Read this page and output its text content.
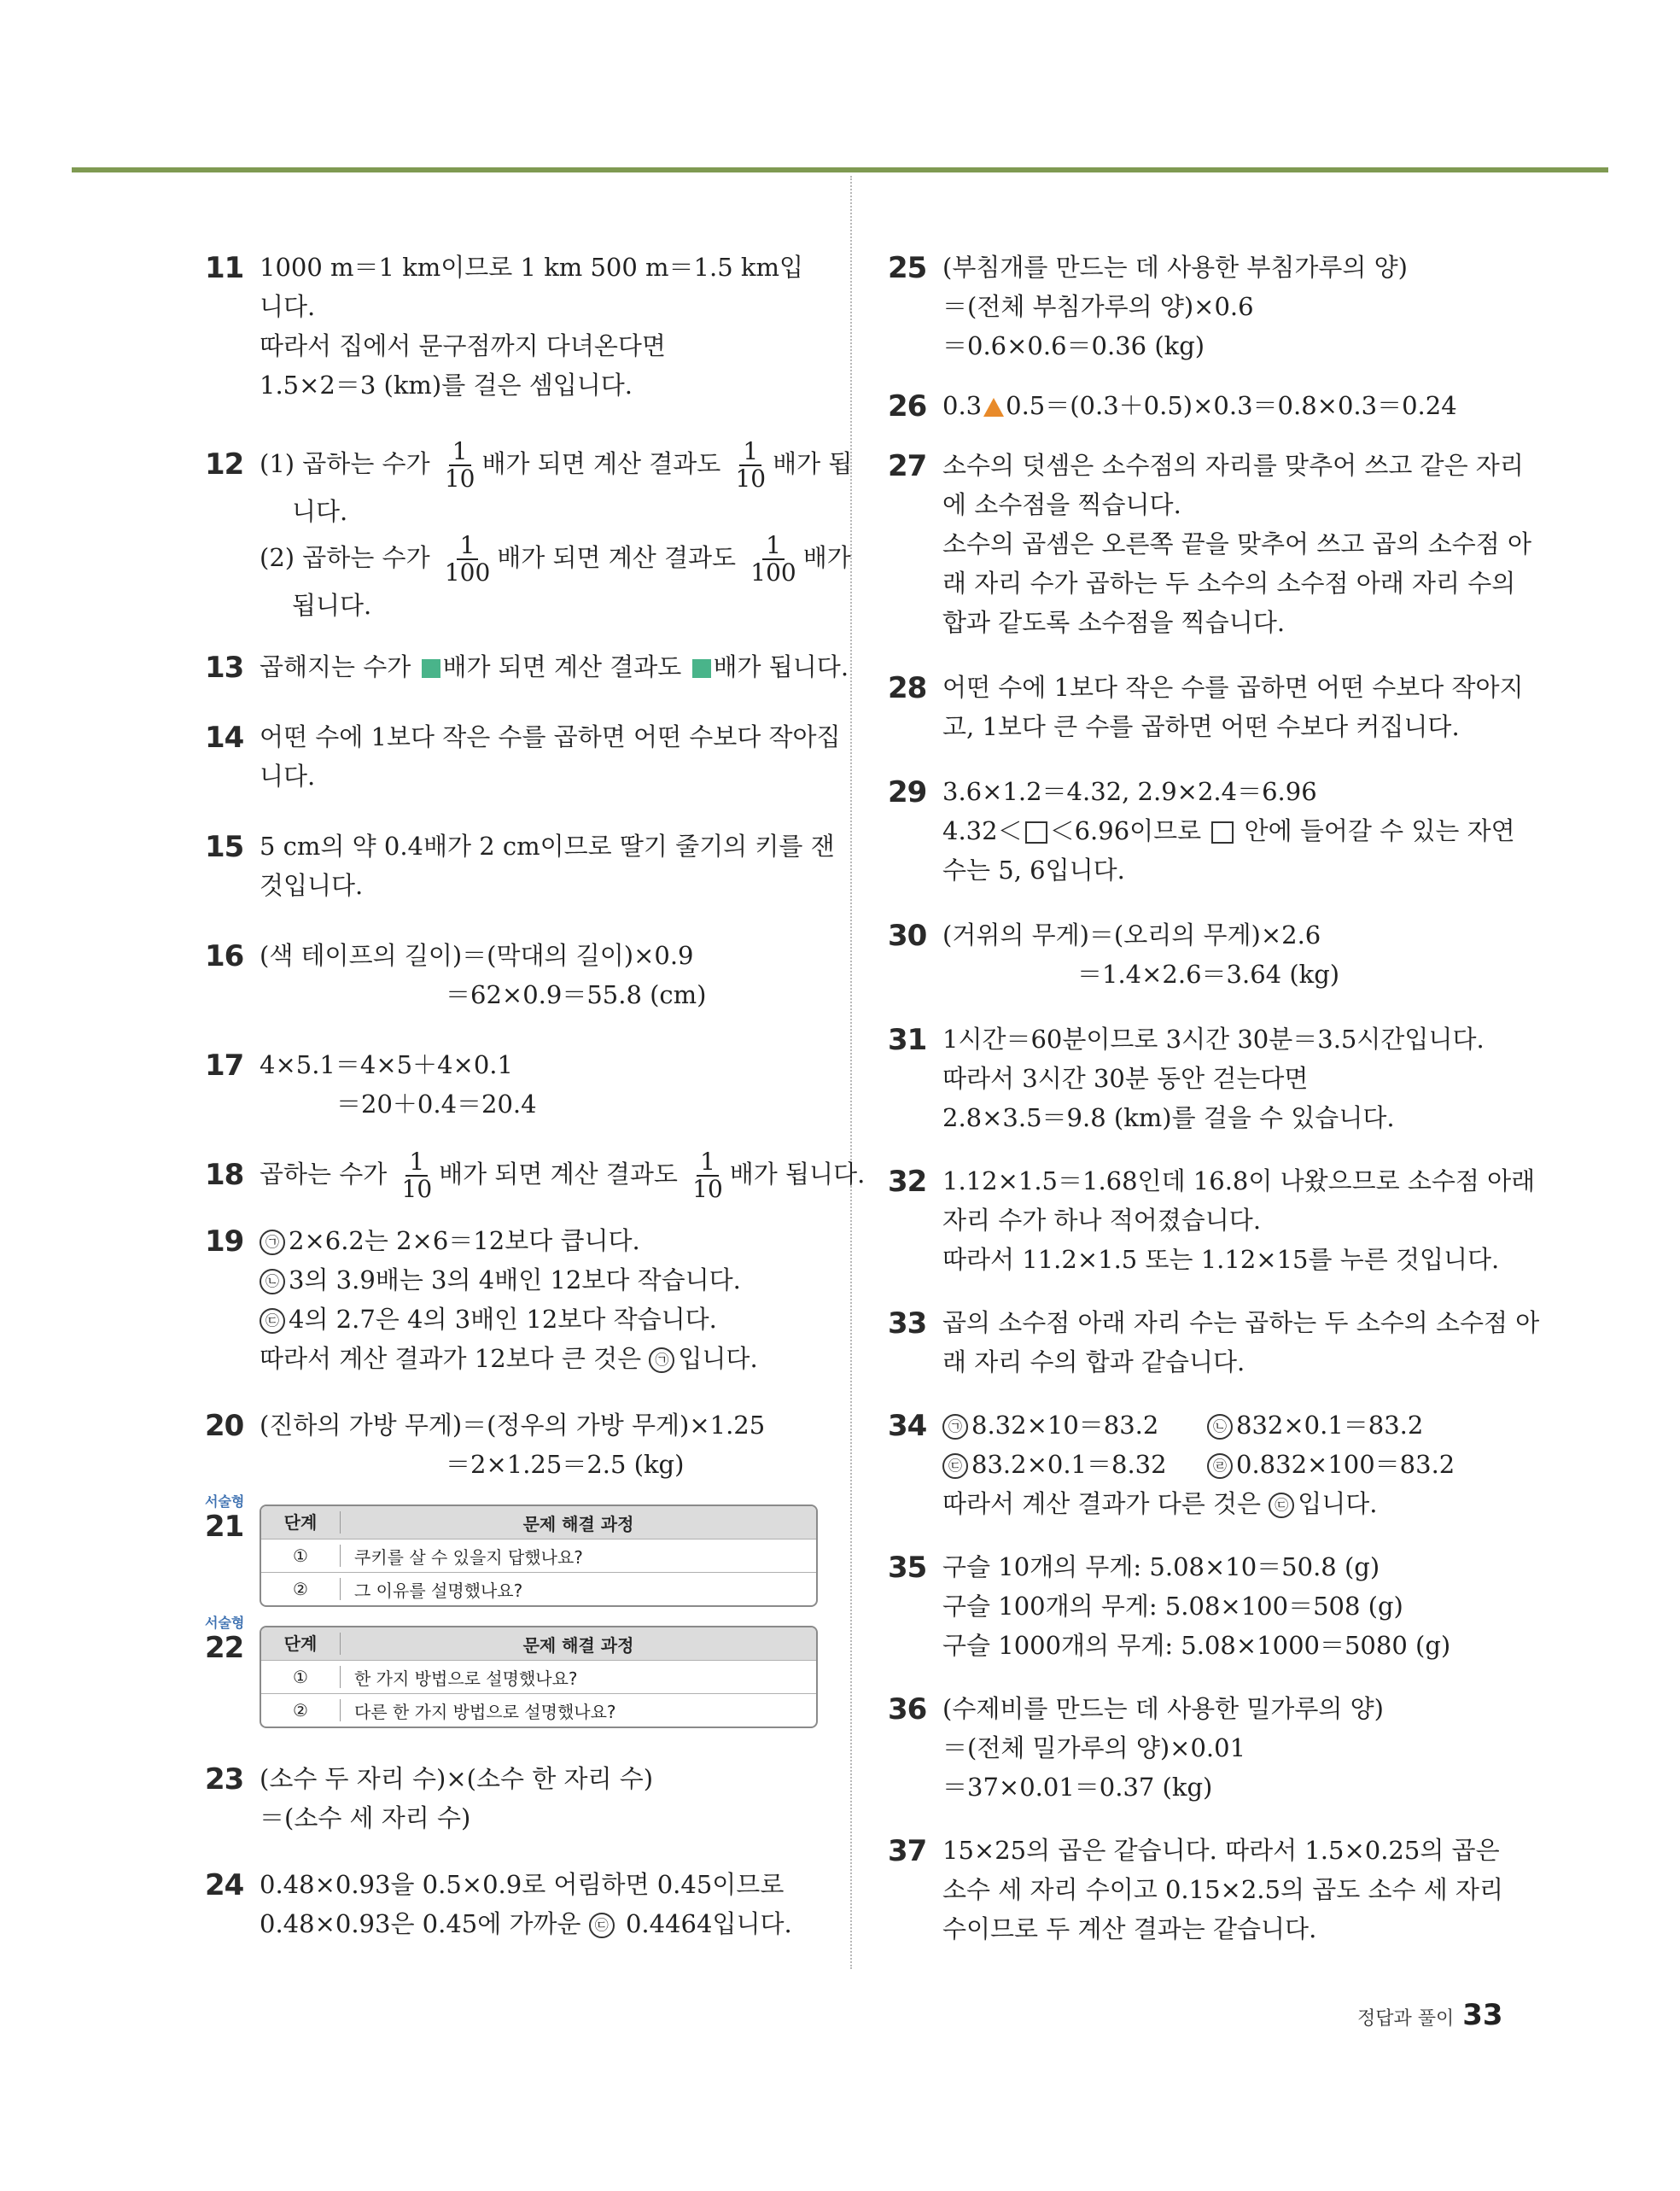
11 1000 m＝1 km이므로 1 km 500 m＝1.5 km입
니다.
따라서 집에서 문구점까지 다녀온다면
1.5×2＝3 (km)를 걸은 셈입니다.
12 (1) 곱하는 수가 $\frac{1}{10}$ 배가 되면 계산 결과도 $\frac{1}{10}$ 배가 됩
니다.
(2) 곱하는 수가 $\frac{1}{100}$ 배가 되면 계산 결과도 $\frac{1}{100}$ 배가
됩니다.
13 곱해지는 수가 배가 되면 계산 결과도 배가 됩니다.
14 어떤 수에 1보다 작은 수를 곱하면 어떤 수보다 작아집
니다.
15 5 cm의 약 0.4배가 2 cm이므로 딸기 줄기의 키를 잰
것입니다.
16 (색 테이프의 길이)＝(막대의 길이)×0.9
＝62×0.9＝55.8 (cm)
17 4×5.1＝4×5＋4×0.1
＝20＋0.4＝20.4
18 곱하는 수가 $\frac{1}{10}$ 배가 되면 계산 결과도 $\frac{1}{10}$ 배가 됩니다.
19	㉠ 2×6.2는 2×6＝12보다 큽니다.
㉡ 3의 3.9배는 3의 4배인 12보다 작습니다.
㉢ 4의 2.7은 4의 3배인 12보다 작습니다.
따라서 계산 결과가 12보다 큰 것은 ㉠ 입니다.
20 (진하의 가방 무게)＝(정우의 가방 무게)×1.25
＝2×1.25＝2.5 (kg)
서술형
21	단계	문제 해결 과정
①	쿠키를 살 수 있을지 답했나요?
②	그 이유를 설명했나요?
서술형
22	단계	문제 해결 과정
①	한 가지 방법으로 설명했나요?
②	다른 한 가지 방법으로 설명했나요?
23 (소수 두 자리 수)×(소수 한 자리 수)
＝(소수 세 자리 수)
24 0.48×0.93을 0.5×0.9로 어림하면 0.45이므로
0.48×0.93은 0.45에 가까운 ㉢ 0.4464입니다.
25 (부침개를 만드는 데 사용한 부침가루의 양)
＝(전체 부침가루의 양)×0.6
＝0.6×0.6＝0.36 (kg)
26 0.3 0.5＝(0.3＋0.5)×0.3＝0.8×0.3＝0.24
27 소수의 덧셈은 소수점의 자리를 맞추어 쓰고 같은 자리
에 소수점을 찍습니다.
소수의 곱셈은 오른쪽 끝을 맞추어 쓰고 곱의 소수점 아
래 자리 수가 곱하는 두 소수의 소수점 아래 자리 수의
합과 같도록 소수점을 찍습니다.
28 어떤 수에 1보다 작은 수를 곱하면 어떤 수보다 작아지
고, 1보다 큰 수를 곱하면 어떤 수보다 커집니다.
29 3.6×1.2＝4.32, 2.9×2.4＝6.96
4.32＜ ＜6.96이므로  안에 들어갈 수 있는 자연
수는 5, 6입니다.
30 (거위의 무게)＝(오리의 무게)×2.6
＝1.4×2.6＝3.64 (kg)
31 1시간＝60분이므로 3시간 30분＝3.5시간입니다.
따라서 3시간 30분 동안 걷는다면
2.8×3.5＝9.8 (km)를 걸을 수 있습니다.
32 1.12×1.5＝1.68인데 16.8이 나왔으므로 소수점 아래
자리 수가 하나 적어졌습니다.
따라서 11.2×1.5 또는 1.12×15를 누른 것입니다.
33 곱의 소수점 아래 자리 수는 곱하는 두 소수의 소수점 아
래 자리 수의 합과 같습니다.
34	㉠ 8.32×10＝83.2	㉡ 832×0.1＝83.2
㉢ 83.2×0.1＝8.32	㉣ 0.832×100＝83.2
따라서 계산 결과가 다른 것은 ㉢ 입니다.
35 구슬 10개의 무게: 5.08×10＝50.8 (g)
구슬 100개의 무게: 5.08×100＝508 (g)
구슬 1000개의 무게: 5.08×1000＝5080 (g)
36 (수제비를 만드는 데 사용한 밀가루의 양)
＝(전체 밀가루의 양)×0.01
＝37×0.01＝0.37 (kg)
37 15×25의 곱은 같습니다. 따라서 1.5×0.25의 곱은
소수 세 자리 수이고 0.15×2.5의 곱도 소수 세 자리
수이므로 두 계산 결과는 같습니다.
정답과 풀이 33
